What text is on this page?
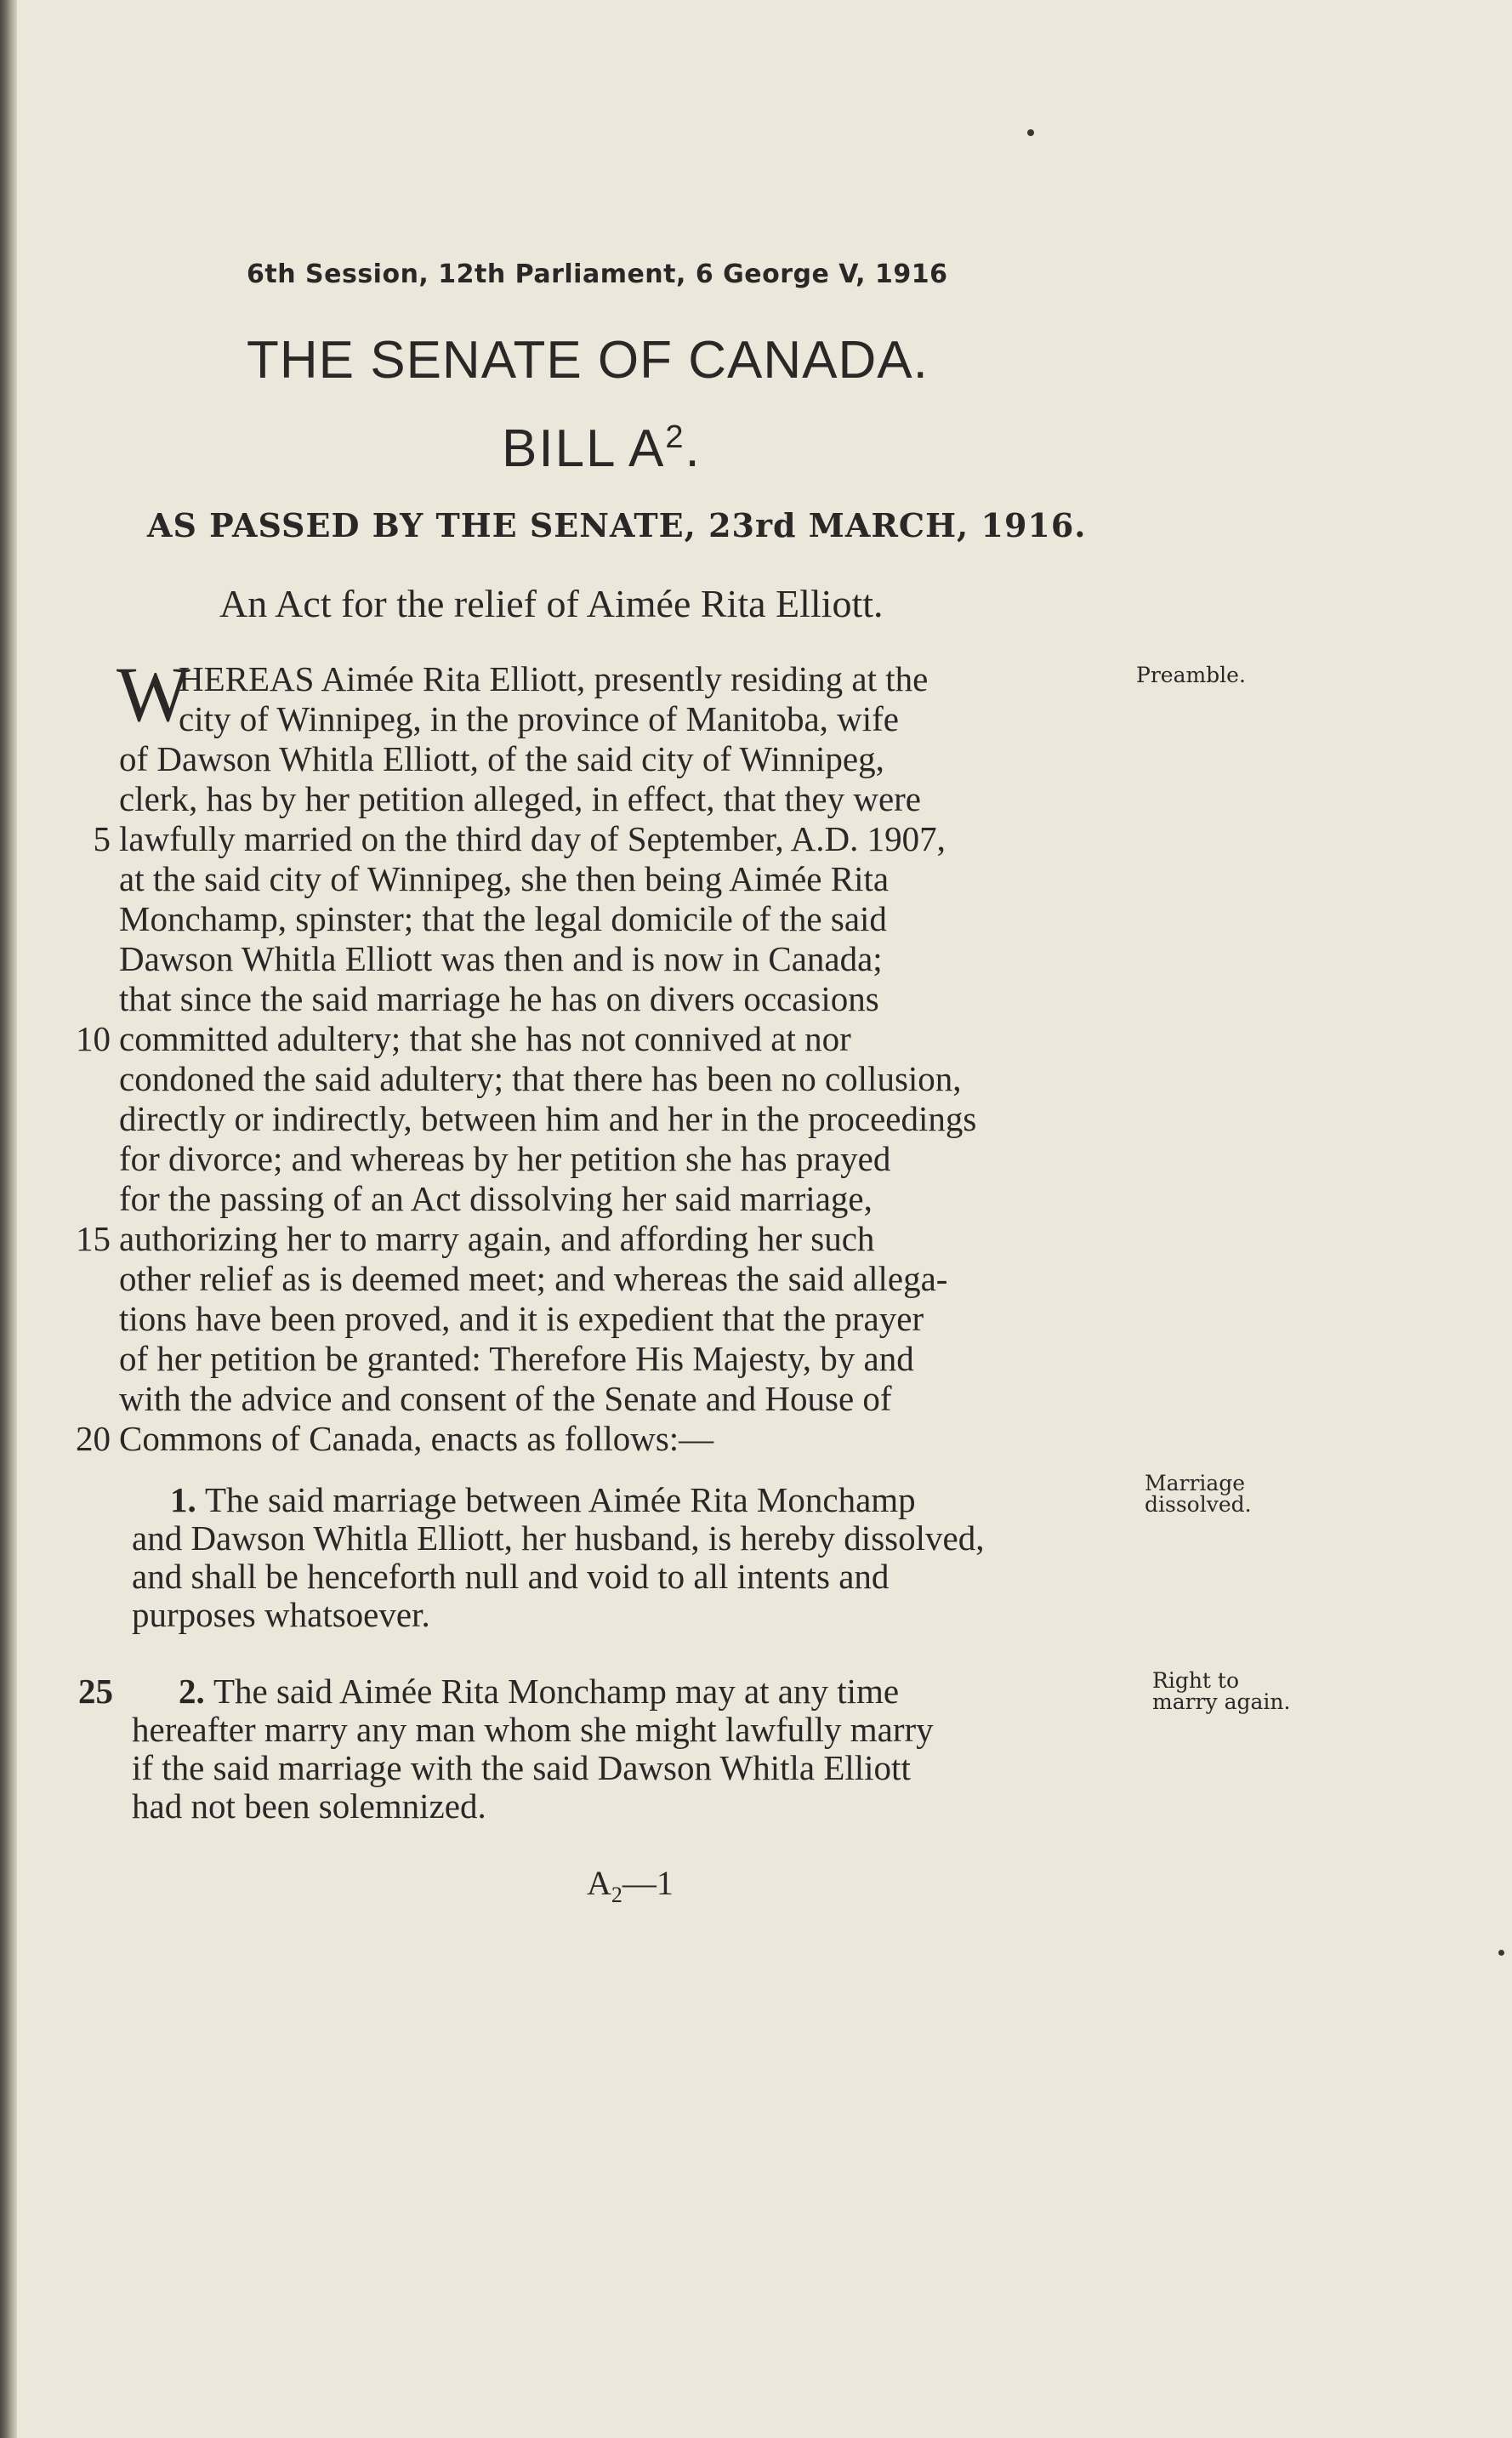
6th Session, 12th Parliament, 6 George V, 1916
THE SENATE OF CANADA.
BILL $A^2$.
AS PASSED BY THE SENATE, 23rd MARCH, 1916.
An Act for the relief of Aimée Rita Elliott.
W
HEREAS Aimée Rita Elliott, presently residing at the
city of Winnipeg, in the province of Manitoba, wife
of Dawson Whitla Elliott, of the said city of Winnipeg,
clerk, has by her petition alleged, in effect, that they were
5 lawfully married on the third day of September, A.D. 1907,
at the said city of Winnipeg, she then being Aimée Rita
Monchamp, spinster; that the legal domicile of the said
Dawson Whitla Elliott was then and is now in Canada;
that since the said marriage he has on divers occasions
10 committed adultery; that she has not connived at nor
condoned the said adultery; that there has been no collusion,
directly or indirectly, between him and her in the proceedings
for divorce; and whereas by her petition she has prayed
for the passing of an Act dissolving her said marriage,
15 authorizing her to marry again, and affording her such
other relief as is deemed meet; and whereas the said allega-
tions have been proved, and it is expedient that the prayer
of her petition be granted: Therefore His Majesty, by and
with the advice and consent of the Senate and House of
20 Commons of Canada, enacts as follows:—
Preamble.
1. The said marriage between Aimée Rita Monchamp
and Dawson Whitla Elliott, her husband, is hereby dissolved,
and shall be henceforth null and void to all intents and
purposes whatsoever.
Marriage
dissolved.
25 2. The said Aimée Rita Monchamp may at any time
hereafter marry any man whom she might lawfully marry
if the said marriage with the said Dawson Whitla Elliott
had not been solemnized.
Right to
marry again.
$A_2—1$
